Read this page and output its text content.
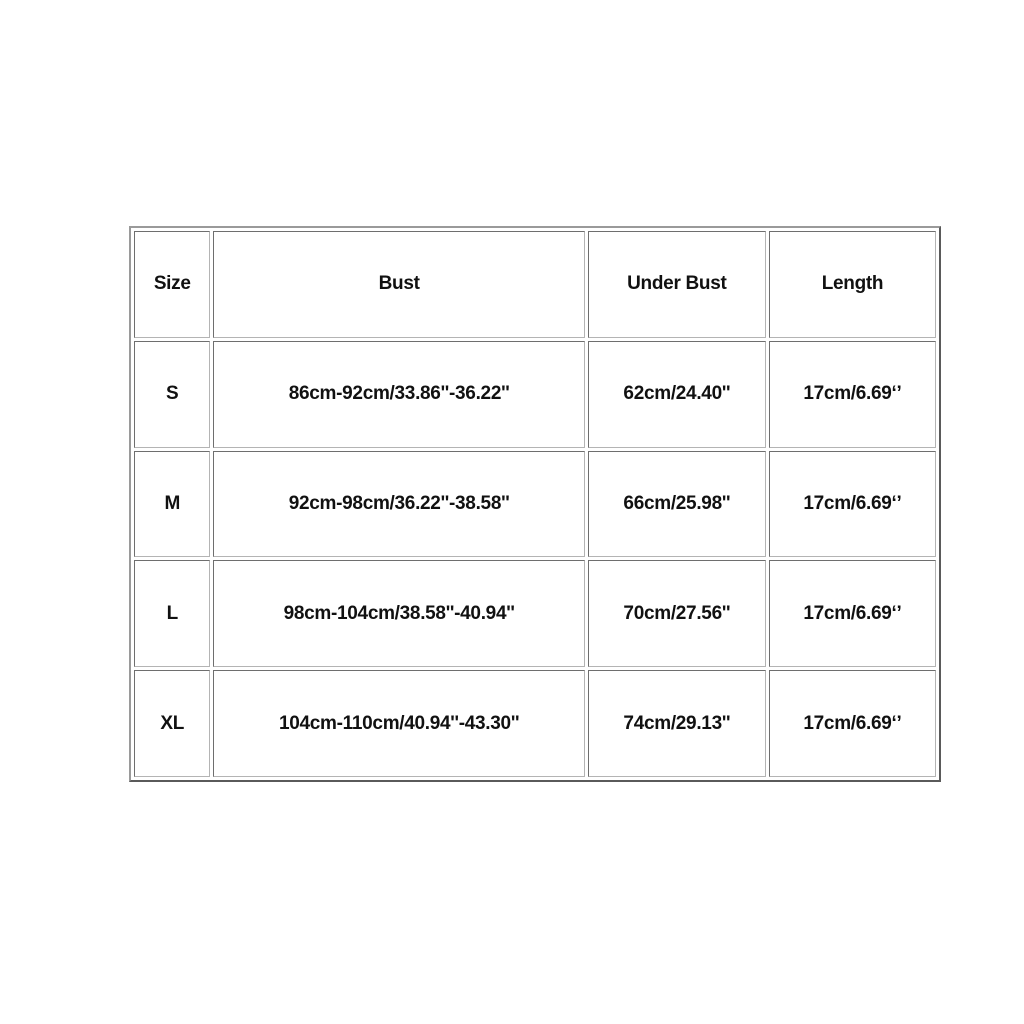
Size	Bust	Under Bust	Length
S	86cm-92cm/33.86''-36.22''	62cm/24.40''	17cm/6.69‘’
M	92cm-98cm/36.22''-38.58''	66cm/25.98''	17cm/6.69‘’
L	98cm-104cm/38.58''-40.94''	70cm/27.56''	17cm/6.69‘’
XL	104cm-110cm/40.94''-43.30''	74cm/29.13''	17cm/6.69‘’
